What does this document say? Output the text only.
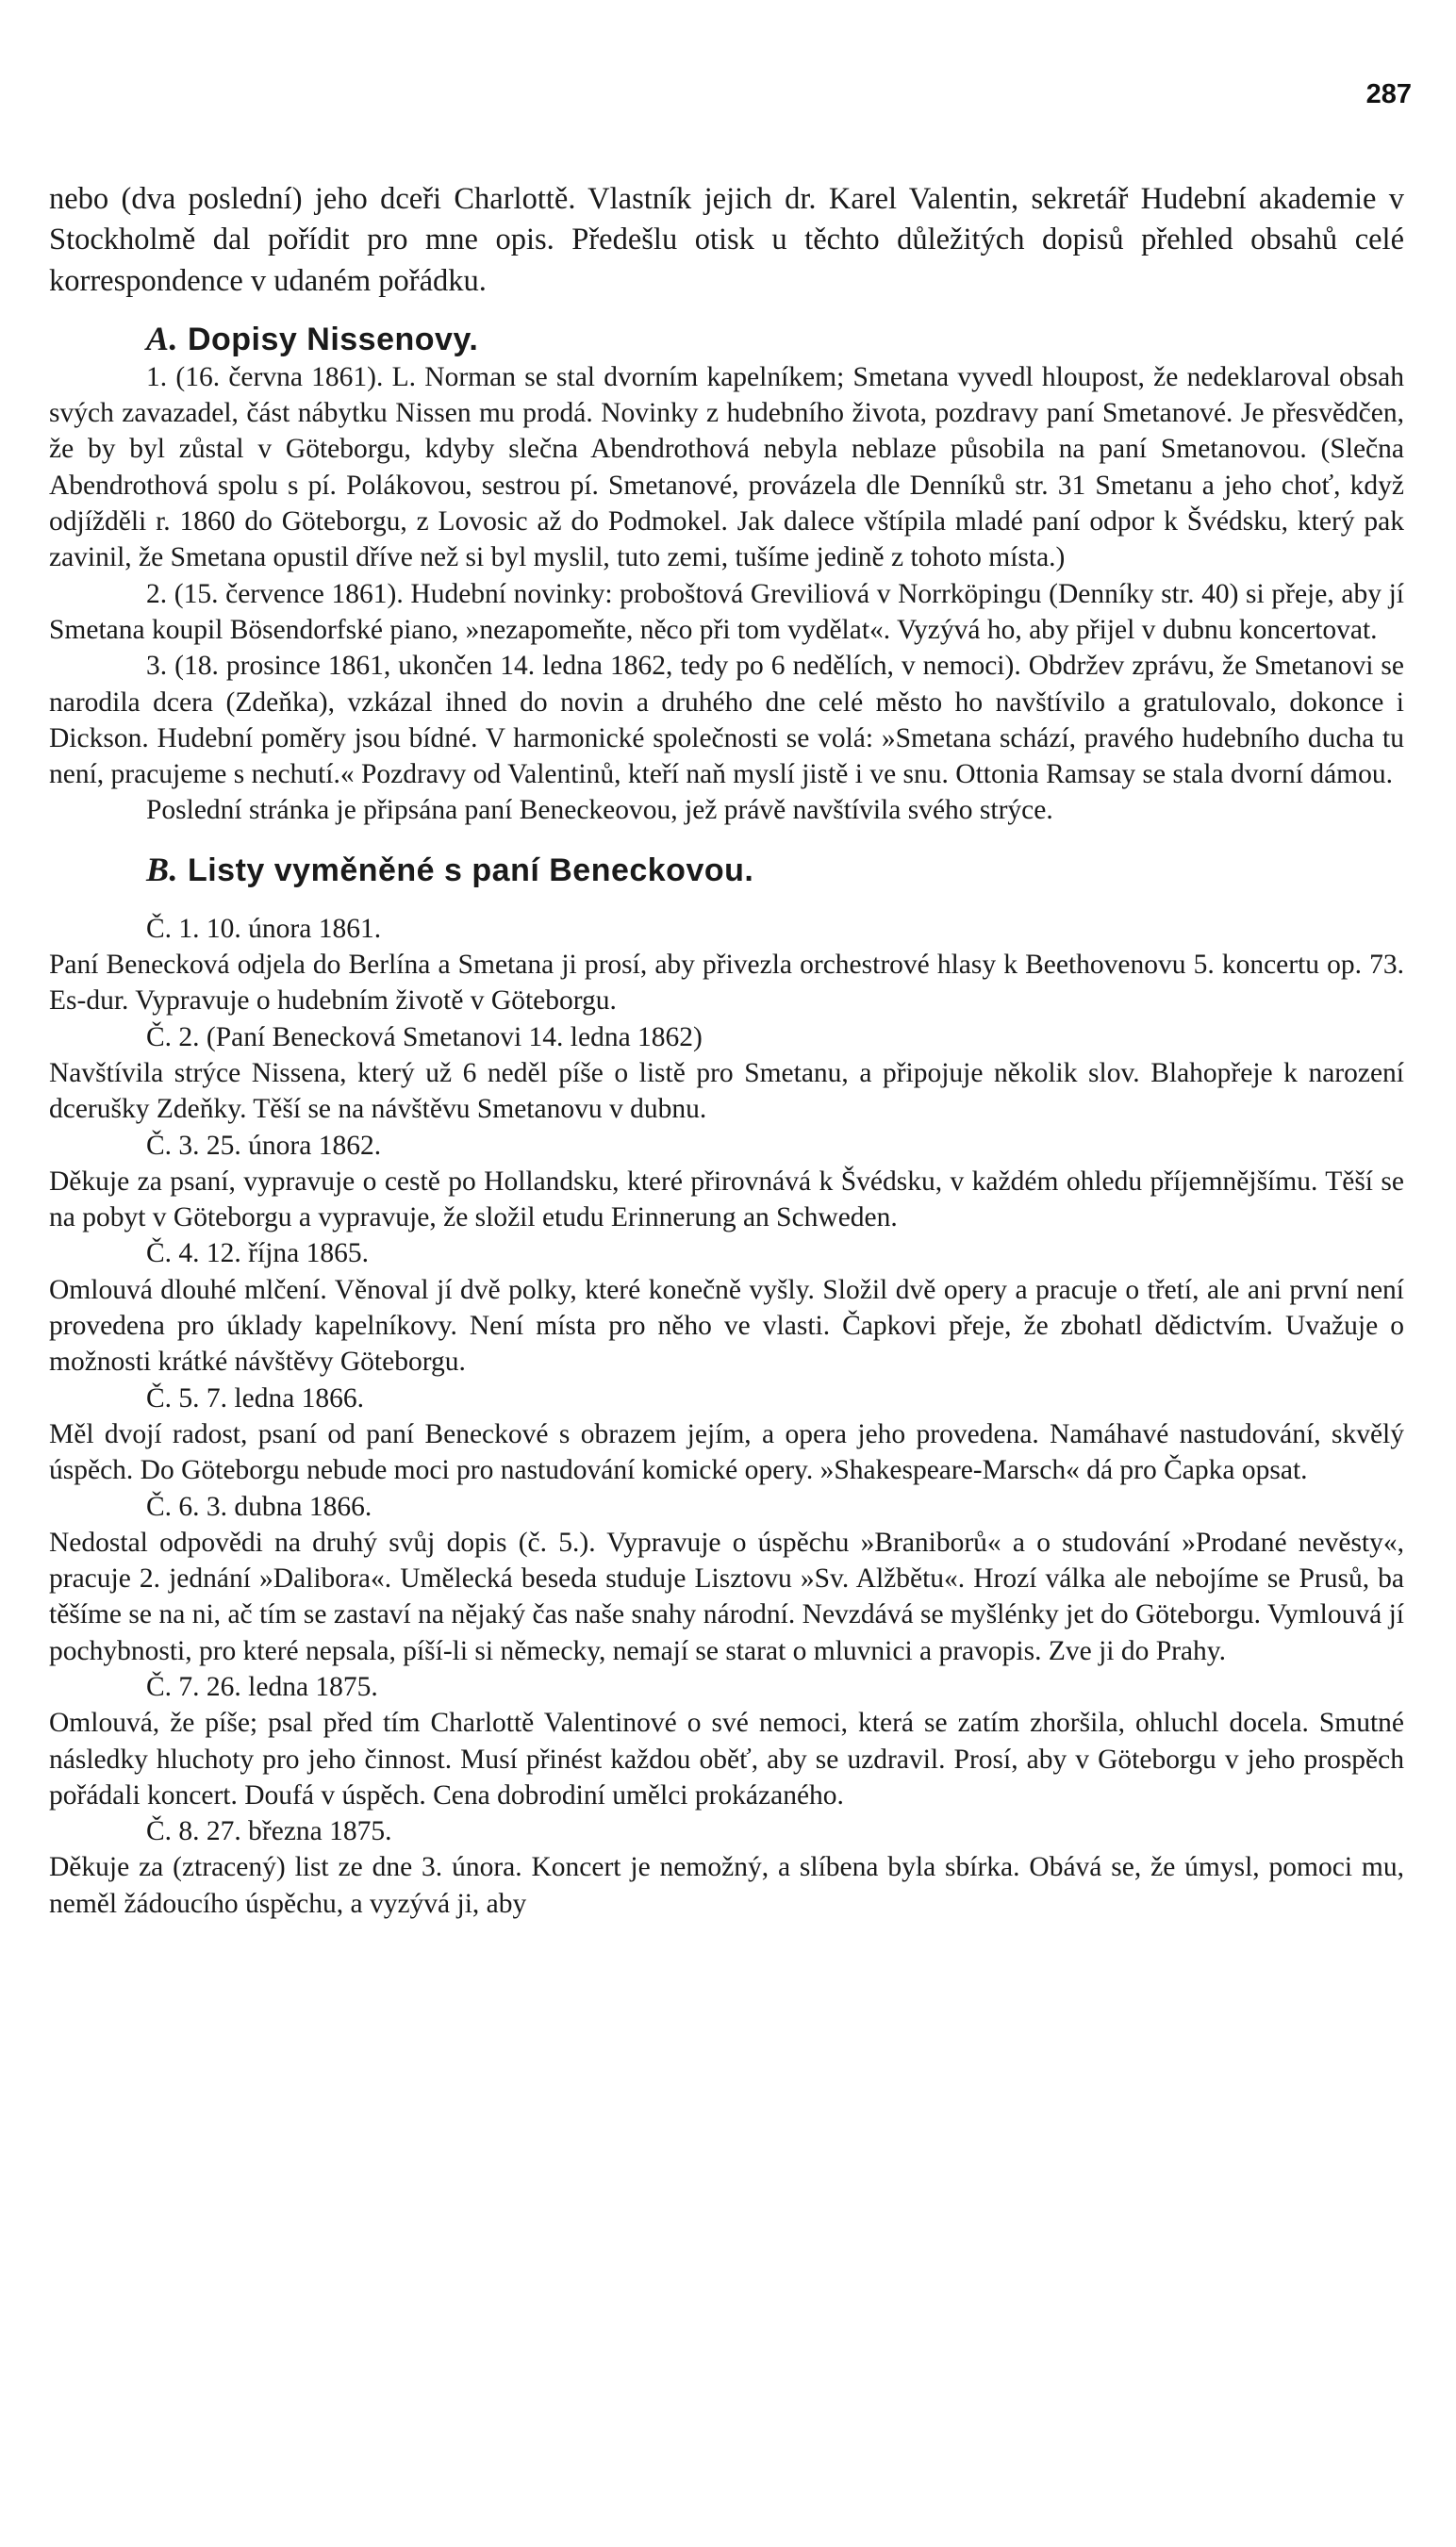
287

nebo (dva poslední) jeho dceři Charlottě. Vlastník jejich dr. Karel Valentin, sekretář Hudební akademie v Stockholmě dal pořídit pro mne opis. Předešlu otisk u těchto důležitých dopisů přehled obsahů celé korrespondence v udaném pořádku.

A. Dopisy Nissenovy.

1. (16. června 1861). L. Norman se stal dvorním kapelníkem; Smetana vyvedl hloupost, že nedeklaroval obsah svých zavazadel, část nábytku Nissen mu prodá. Novinky z hudebního života, pozdravy paní Smetanové. Je přesvědčen, že by byl zůstal v Göteborgu, kdyby slečna Abendrothová nebyla neblaze působila na paní Smetanovou. (Slečna Abendrothová spolu s pí. Polákovou, sestrou pí. Smetanové, provázela dle Denníků str. 31 Smetanu a jeho choť, když odjížděli r. 1860 do Göteborgu, z Lovosic až do Podmokel. Jak dalece vštípila mladé paní odpor k Švédsku, který pak zavinil, že Smetana opustil dříve než si byl myslil, tuto zemi, tušíme jedině z tohoto místa.)

2. (15. července 1861). Hudební novinky: proboštová Greviliová v Norrköpingu (Denníky str. 40) si přeje, aby jí Smetana koupil Bösendorfské piano, »nezapomeňte, něco při tom vydělat«. Vyzývá ho, aby přijel v dubnu koncertovat.

3. (18. prosince 1861, ukončen 14. ledna 1862, tedy po 6 nedělích, v nemoci). Obdržev zprávu, že Smetanovi se narodila dcera (Zdeňka), vzkázal ihned do novin a druhého dne celé město ho navštívilo a gratulovalo, dokonce i Dickson. Hudební poměry jsou bídné. V harmonické společnosti se volá: »Smetana schází, pravého hudebního ducha tu není, pracujeme s nechutí.« Pozdravy od Valentinů, kteří naň myslí jistě i ve snu. Ottonia Ramsay se stala dvorní dámou.

Poslední stránka je připsána paní Beneckeovou, jež právě navštívila svého strýce.

B. Listy vyměněné s paní Beneckovou.

Č. 1. 10. února 1861.

Paní Benecková odjela do Berlína a Smetana ji prosí, aby přivezla orchestrové hlasy k Beethovenovu 5. koncertu op. 73. Es-dur. Vypravuje o hudebním životě v Göteborgu.

Č. 2. (Paní Benecková Smetanovi 14. ledna 1862)

Navštívila strýce Nissena, který už 6 neděl píše o listě pro Smetanu, a připojuje několik slov. Blahopřeje k narození dcerušky Zdeňky. Těší se na návštěvu Smetanovu v dubnu.

Č. 3. 25. února 1862.

Děkuje za psaní, vypravuje o cestě po Hollandsku, které přirovnává k Švédsku, v každém ohledu příjemnějšímu. Těší se na pobyt v Göteborgu a vypravuje, že složil etudu Erinnerung an Schweden.

Č. 4. 12. října 1865.

Omlouvá dlouhé mlčení. Věnoval jí dvě polky, které konečně vyšly. Složil dvě opery a pracuje o třetí, ale ani první není provedena pro úklady kapelníkovy. Není místa pro něho ve vlasti. Čapkovi přeje, že zbohatl dědictvím. Uvažuje o možnosti krátké návštěvy Göteborgu.

Č. 5. 7. ledna 1866.

Měl dvojí radost, psaní od paní Beneckové s obrazem jejím, a opera jeho provedena. Namáhavé nastudování, skvělý úspěch. Do Göteborgu nebude moci pro nastudování komické opery. »Shakespeare-Marsch« dá pro Čapka opsat.

Č. 6. 3. dubna 1866.

Nedostal odpovědi na druhý svůj dopis (č. 5.). Vypravuje o úspěchu »Braniborů« a o studování »Prodané nevěsty«, pracuje 2. jednání »Dalibora«. Umělecká beseda studuje Lisztovu »Sv. Alžbětu«. Hrozí válka ale nebojíme se Prusů, ba těšíme se na ni, ač tím se zastaví na nějaký čas naše snahy národní. Nevzdává se myšlénky jet do Göteborgu. Vymlouvá jí pochybnosti, pro které nepsala, píší-li si německy, nemají se starat o mluvnici a pravopis. Zve ji do Prahy.

Č. 7. 26. ledna 1875.

Omlouvá, že píše; psal před tím Charlottě Valentinové o své nemoci, která se zatím zhoršila, ohluchl docela. Smutné následky hluchoty pro jeho činnost. Musí přinést každou oběť, aby se uzdravil. Prosí, aby v Göteborgu v jeho prospěch pořádali koncert. Doufá v úspěch. Cena dobrodiní umělci prokázaného.

Č. 8. 27. března 1875.

Děkuje za (ztracený) list ze dne 3. února. Koncert je nemožný, a slíbena byla sbírka. Obává se, že úmysl, pomoci mu, neměl žádoucího úspěchu, a vyzývá ji, aby
